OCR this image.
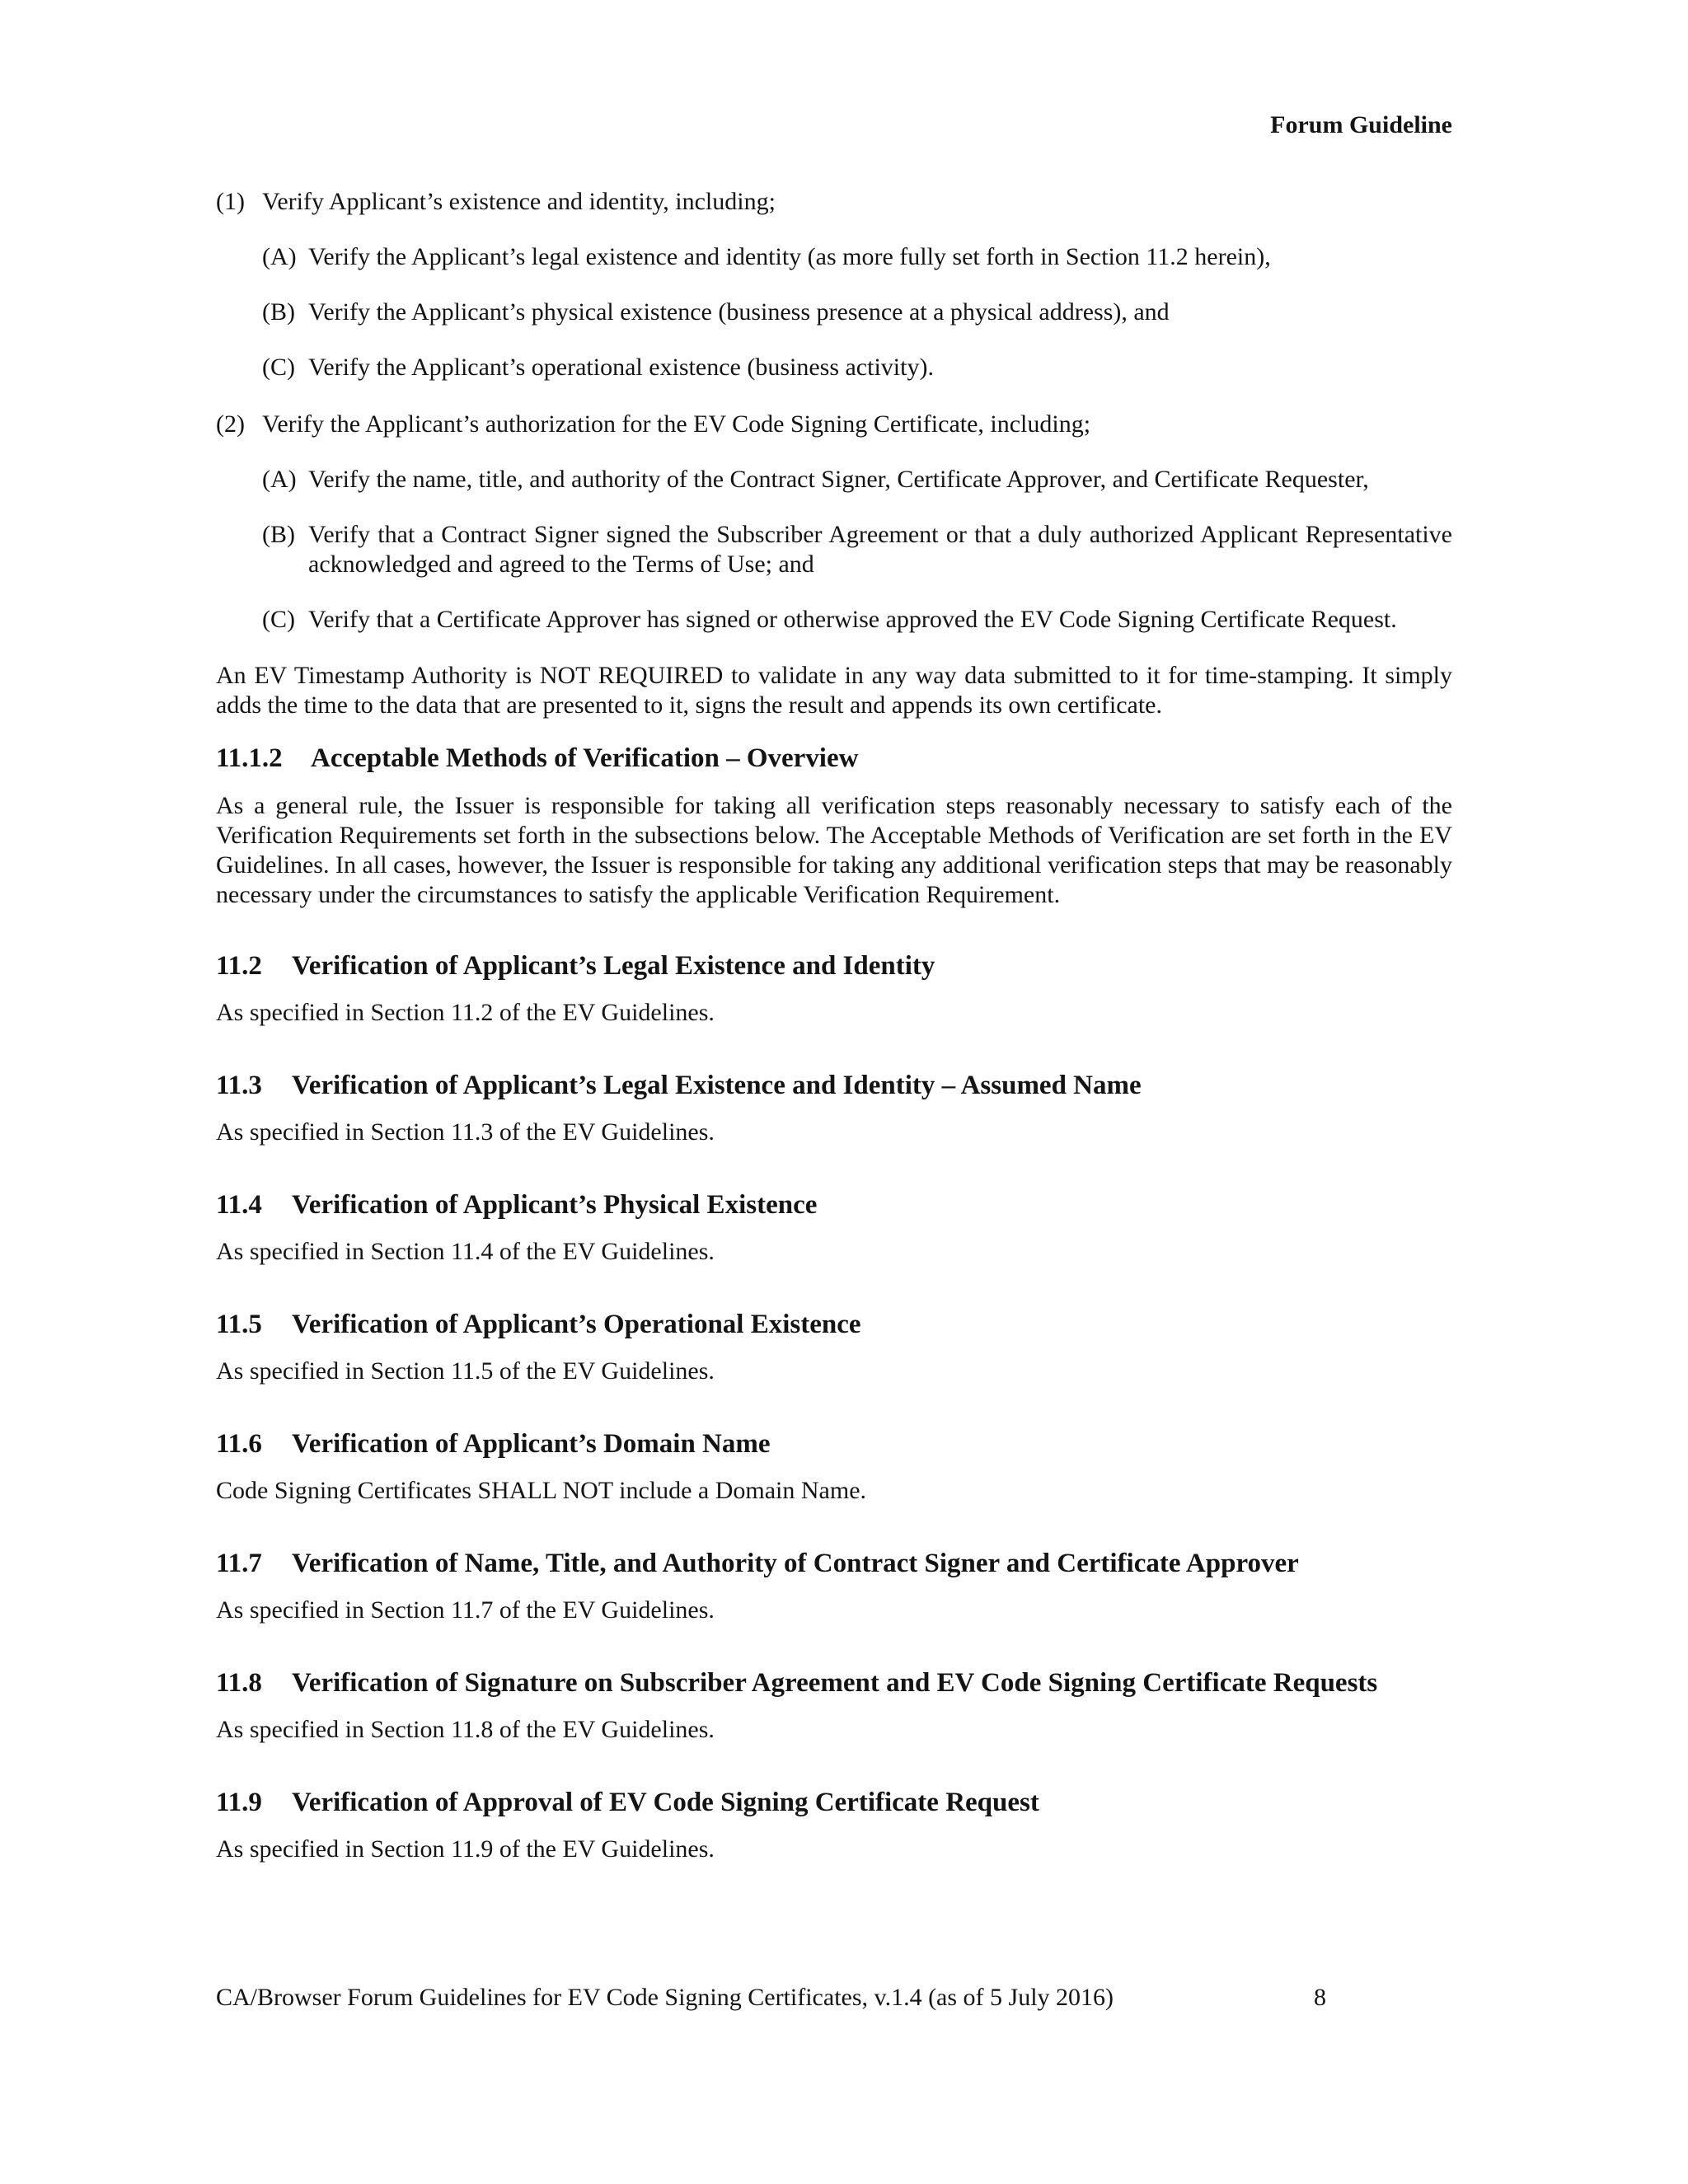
Forum Guideline
(1) Verify Applicant’s existence and identity, including;
(A) Verify the Applicant’s legal existence and identity (as more fully set forth in Section 11.2 herein),
(B) Verify the Applicant’s physical existence (business presence at a physical address), and
(C) Verify the Applicant’s operational existence (business activity).
(2) Verify the Applicant’s authorization for the EV Code Signing Certificate, including;
(A) Verify the name, title, and authority of the Contract Signer, Certificate Approver, and Certificate Requester,
(B) Verify that a Contract Signer signed the Subscriber Agreement or that a duly authorized Applicant Representative acknowledged and agreed to the Terms of Use; and
(C) Verify that a Certificate Approver has signed or otherwise approved the EV Code Signing Certificate Request.
An EV Timestamp Authority is NOT REQUIRED to validate in any way data submitted to it for time-stamping. It simply adds the time to the data that are presented to it, signs the result and appends its own certificate.
11.1.2 Acceptable Methods of Verification – Overview
As a general rule, the Issuer is responsible for taking all verification steps reasonably necessary to satisfy each of the Verification Requirements set forth in the subsections below. The Acceptable Methods of Verification are set forth in the EV Guidelines. In all cases, however, the Issuer is responsible for taking any additional verification steps that may be reasonably necessary under the circumstances to satisfy the applicable Verification Requirement.
11.2 Verification of Applicant’s Legal Existence and Identity
As specified in Section 11.2 of the EV Guidelines.
11.3 Verification of Applicant’s Legal Existence and Identity – Assumed Name
As specified in Section 11.3 of the EV Guidelines.
11.4 Verification of Applicant’s Physical Existence
As specified in Section 11.4 of the EV Guidelines.
11.5 Verification of Applicant’s Operational Existence
As specified in Section 11.5 of the EV Guidelines.
11.6 Verification of Applicant’s Domain Name
Code Signing Certificates SHALL NOT include a Domain Name.
11.7 Verification of Name, Title, and Authority of Contract Signer and Certificate Approver
As specified in Section 11.7 of the EV Guidelines.
11.8 Verification of Signature on Subscriber Agreement and EV Code Signing Certificate Requests
As specified in Section 11.8 of the EV Guidelines.
11.9 Verification of Approval of EV Code Signing Certificate Request
As specified in Section 11.9 of the EV Guidelines.
CA/Browser Forum Guidelines for EV Code Signing Certificates, v.1.4 (as of 5 July 2016)	8
